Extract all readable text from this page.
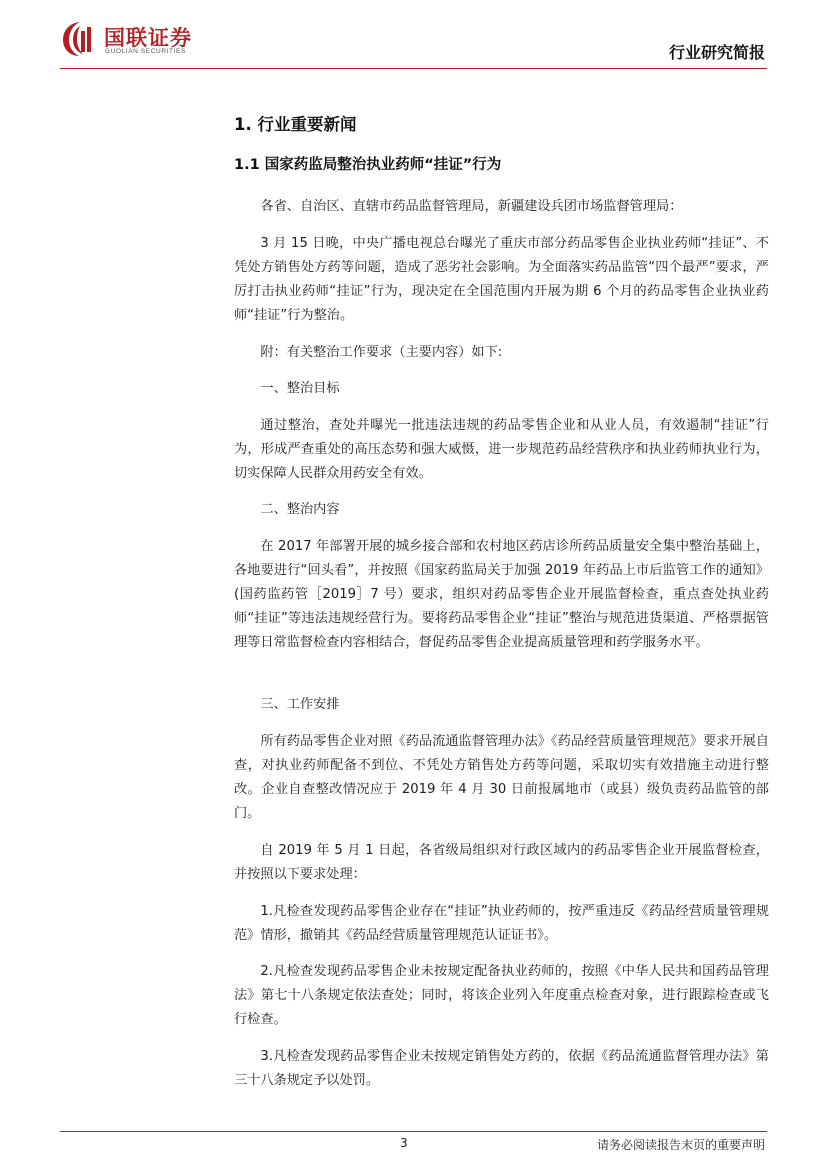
国联证券
GUOLIAN SECURITIES	行业研究简报
1. 行业重要新闻
1.1 国家药监局整治执业药师“挂证”行为

各省、自治区、直辖市药品监督管理局，新疆建设兵团市场监督管理局：

3 月 15 日晚，中央广播电视总台曝光了重庆市部分药品零售企业执业药师“挂证”、不凭处方销售处方药等问题，造成了恶劣社会影响。为全面落实药品监管“四个最严”要求，严厉打击执业药师“挂证”行为，现决定在全国范围内开展为期 6 个月的药品零售企业执业药师“挂证”行为整治。

附：有关整治工作要求（主要内容）如下:

一、整治目标

通过整治，查处并曝光一批违法违规的药品零售企业和从业人员，有效遏制“挂证”行为，形成严查重处的高压态势和强大威慑，进一步规范药品经营秩序和执业药师执业行为，切实保障人民群众用药安全有效。

二、整治内容

在 2017 年部署开展的城乡接合部和农村地区药店诊所药品质量安全集中整治基础上，各地要进行“回头看”，并按照《国家药监局关于加强 2019 年药品上市后监管工作的通知》(国药监药管［2019］7 号）要求，组织对药品零售企业开展监督检查，重点查处执业药师“挂证”等违法违规经营行为。要将药品零售企业“挂证”整治与规范进货渠道、严格票据管理等日常监督检查内容相结合，督促药品零售企业提高质量管理和药学服务水平。

三、工作安排

所有药品零售企业对照《药品流通监督管理办法》《药品经营质量管理规范》要求开展自查，对执业药师配备不到位、不凭处方销售处方药等问题，采取切实有效措施主动进行整改。企业自查整改情况应于 2019 年 4 月 30 日前报属地市（或县）级负责药品监管的部门。

自 2019 年 5 月 1 日起，各省级局组织对行政区域内的药品零售企业开展监督检查，并按照以下要求处理：

1.凡检查发现药品零售企业存在“挂证”执业药师的，按严重违反《药品经营质量管理规范》情形，撤销其《药品经营质量管理规范认证证书》。

2.凡检查发现药品零售企业未按规定配备执业药师的，按照《中华人民共和国药品管理法》第七十八条规定依法查处；同时，将该企业列入年度重点检查对象，进行跟踪检查或飞行检查。

3.凡检查发现药品零售企业未按规定销售处方药的，依据《药品流通监督管理办法》第三十八条规定予以处罚。

3	请务必阅读报告末页的重要声明
